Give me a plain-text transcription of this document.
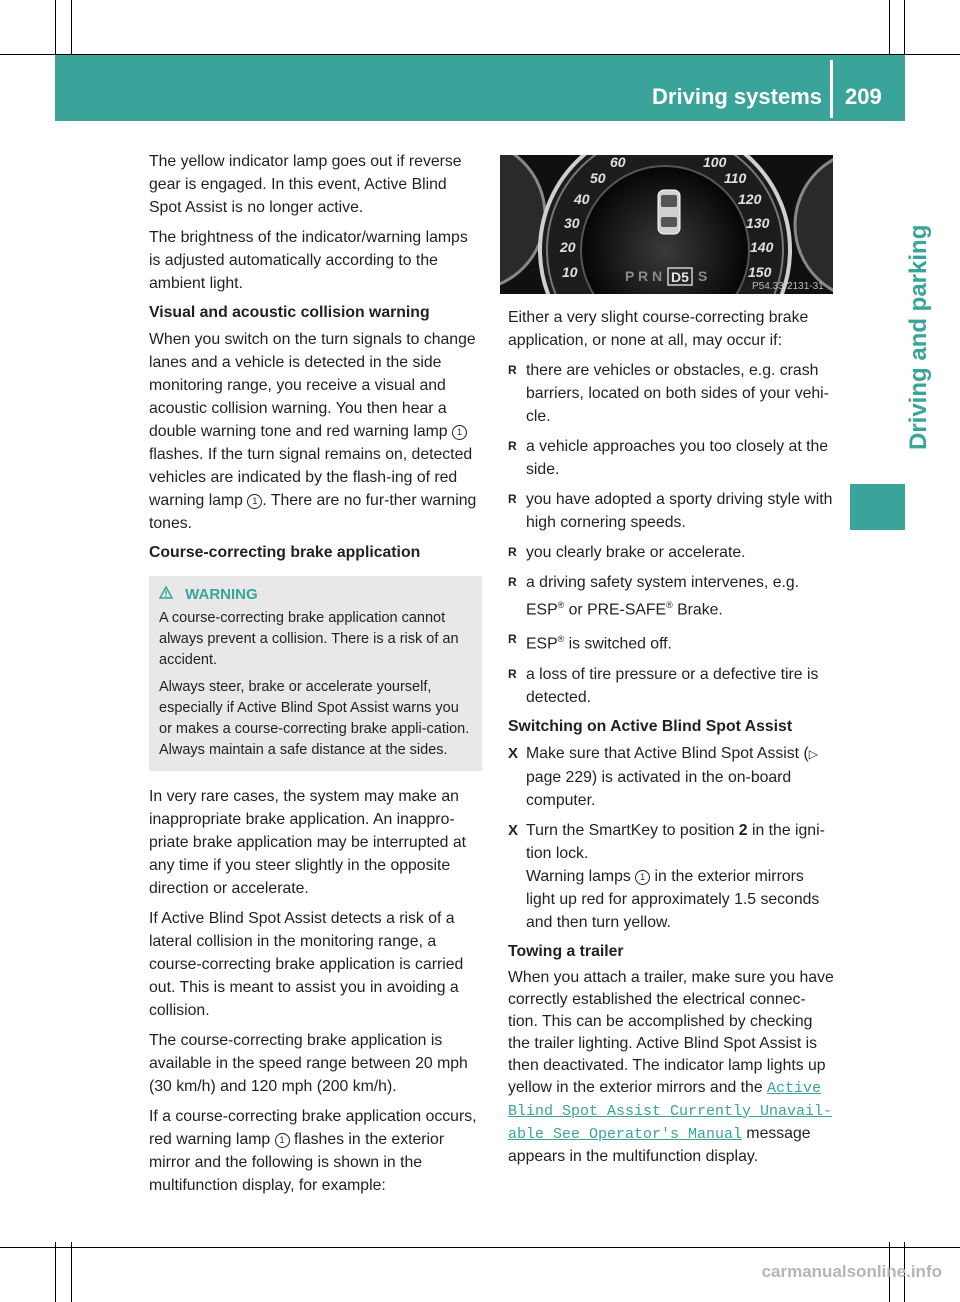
Driving systems 209
Driving and parking

The yellow indicator lamp goes out if reverse gear is engaged. In this event, Active Blind Spot Assist is no longer active.

The brightness of the indicator/warning lamps is adjusted automatically according to the ambient light.

Visual and acoustic collision warning

When you switch on the turn signals to change lanes and a vehicle is detected in the side monitoring range, you receive a visual and acoustic collision warning. You then hear a double warning tone and red warning lamp 1 flashes. If the turn signal remains on, detected vehicles are indicated by the flash-ing of red warning lamp 1 . There are no fur-ther warning tones.

Course-correcting brake application
WARNING

A course-correcting brake application cannot always prevent a collision. There is a risk of an accident.

Always steer, brake or accelerate yourself, especially if Active Blind Spot Assist warns you or makes a course-correcting brake appli-cation. Always maintain a safe distance at the sides.

In very rare cases, the system may make an inappropriate brake application. An inappro-priate brake application may be interrupted at any time if you steer slightly in the opposite direction or accelerate.

If Active Blind Spot Assist detects a risk of a lateral collision in the monitoring range, a course-correcting brake application is carried out. This is meant to assist you in avoiding a collision.

The course-correcting brake application is available in the speed range between 20 mph (30 km/h) and 120 mph (200 km/h).

If a course-correcting brake application occurs, red warning lamp 1 flashes in the exterior mirror and the following is shown in the multifunction display, for example:

10
20
30
40
50
60	100
110
120
130
140
150
P R N D5 S
P54.33-2131-31

Either a very slight course-correcting brake application, or none at all, may occur if:

R there are vehicles or obstacles, e.g. crash barriers, located on both sides of your vehi-cle.
R a vehicle approaches you too closely at the side.
R you have adopted a sporty driving style with high cornering speeds.
R you clearly brake or accelerate.
R a driving safety system intervenes, e.g. ESP® or PRE-SAFE® Brake.
R ESP® is switched off.
R a loss of tire pressure or a defective tire is detected.
Switching on Active Blind Spot Assist
X Make sure that Active Blind Spot Assist (▷ page 229) is activated in the on-board computer.
X Turn the SmartKey to position 2 in the igni-tion lock.
Warning lamps 1 in the exterior mirrors light up red for approximately 1.5 seconds and then turn yellow.
Towing a trailer

When you attach a trailer, make sure you have correctly established the electrical connec-tion. This can be accomplished by checking the trailer lighting. Active Blind Spot Assist is then deactivated. The indicator lamp lights up yellow in the exterior mirrors and the Active Blind Spot Assist Currently Unavail‐ able See Operator's Manual message appears in the multifunction display.

carmanualsonline.info
